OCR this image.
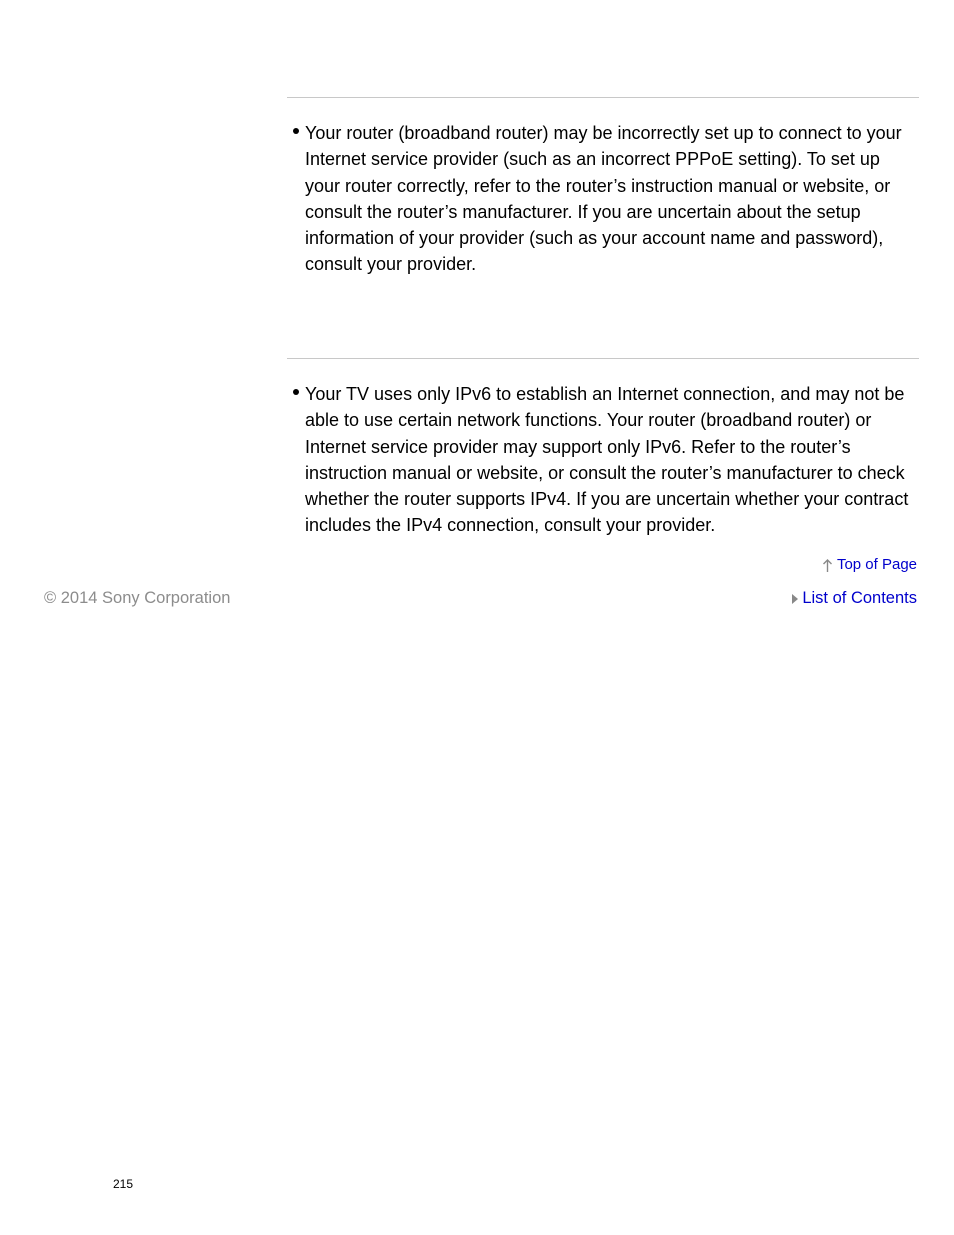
Your router (broadband router) may be incorrectly set up to connect to your Internet service provider (such as an incorrect PPPoE setting). To set up your router correctly, refer to the router’s instruction manual or website, or consult the router’s manufacturer. If you are uncertain about the setup information of your provider (such as your account name and password), consult your provider.

Your TV uses only IPv6 to establish an Internet connection, and may not be able to use certain network functions. Your router (broadband router) or Internet service provider may support only IPv6. Refer to the router’s instruction manual or website, or consult the router’s manufacturer to check whether the router supports IPv4. If you are uncertain whether your contract includes the IPv4 connection, consult your provider.

Top of Page
List of Contents
© 2014 Sony Corporation
215
